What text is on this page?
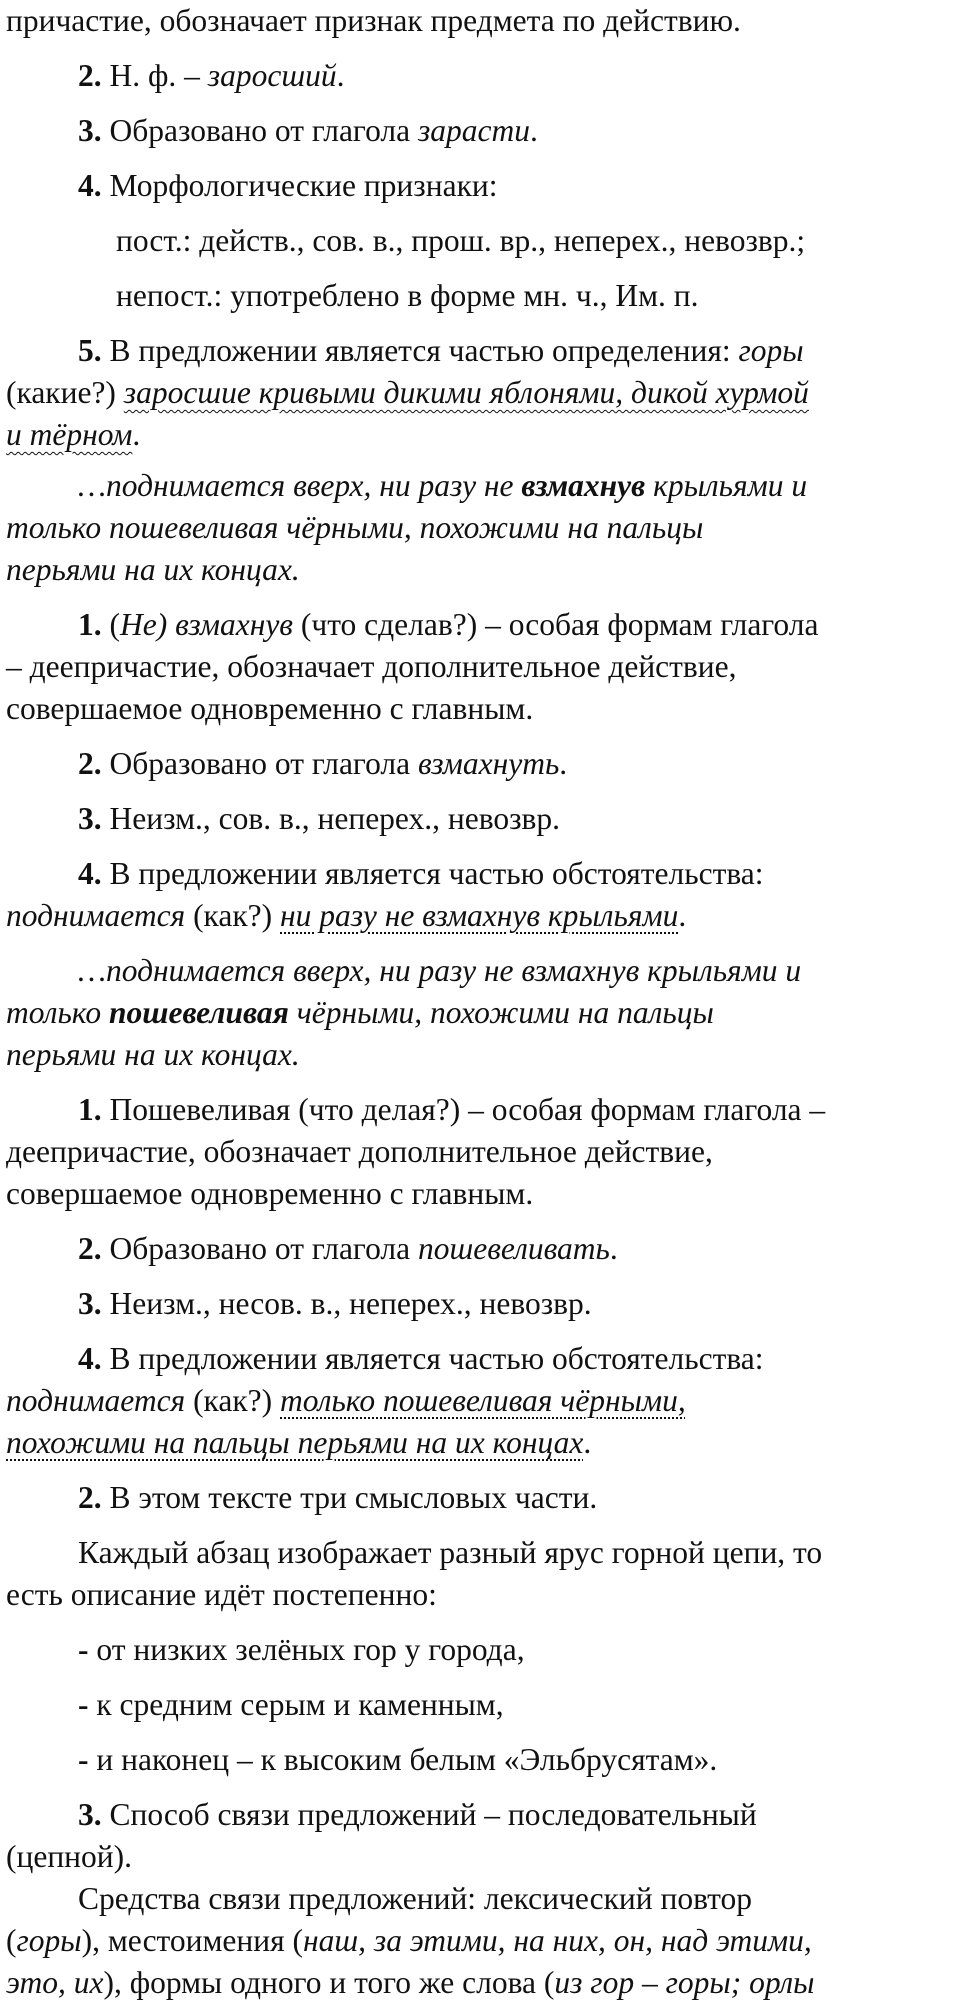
причастие, обозначает признак предмета по действию.
2. Н. ф. – заросший.
3. Образовано от глагола зарасти.
4. Морфологические признаки:
пост.: действ., сов. в., прош. вр., неперех., невозвр.;
непост.: употреблено в форме мн. ч., Им. п.
5. В предложении является частью определения: горы
(какие?) заросшие кривыми дикими яблонями, дикой хурмой
и тёрном.
…поднимается вверх, ни разу не взмахнув крыльями и
только пошевеливая чёрными, похожими на пальцы
перьями на их концах.
1. (Не) взмахнув (что сделав?) – особая формам глагола
– деепричастие, обозначает дополнительное действие,
совершаемое одновременно с главным.
2. Образовано от глагола взмахнуть.
3. Неизм., сов. в., неперех., невозвр.
4. В предложении является частью обстоятельства:
поднимается (как?) ни разу не взмахнув крыльями.
…поднимается вверх, ни разу не взмахнув крыльями и
только пошевеливая чёрными, похожими на пальцы
перьями на их концах.
1. Пошевеливая (что делая?) – особая формам глагола –
деепричастие, обозначает дополнительное действие,
совершаемое одновременно с главным.
2. Образовано от глагола пошевеливать.
3. Неизм., несов. в., неперех., невозвр.
4. В предложении является частью обстоятельства:
поднимается (как?) только пошевеливая чёрными,
похожими на пальцы перьями на их концах.
2. В этом тексте три смысловых части.
Каждый абзац изображает разный ярус горной цепи, то
есть описание идёт постепенно:
- от низких зелёных гор у города,
- к средним серым и каменным,
- и наконец – к высоким белым «Эльбрусятам».
3. Способ связи предложений – последовательный
(цепной).
Средства связи предложений: лексический повтор
(горы), местоимения (наш, за этими, на них, он, над этими,
это, их), формы одного и того же слова (из гор – горы; орлы
